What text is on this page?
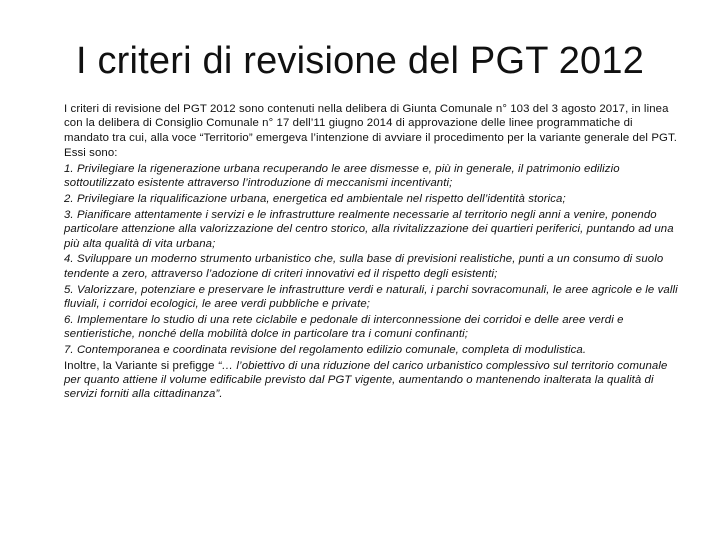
I criteri di revisione del PGT 2012

I criteri di revisione del PGT 2012 sono contenuti nella delibera di Giunta Comunale n° 103 del 3 agosto 2017, in linea con la delibera di Consiglio Comunale n° 17 dell’11 giugno 2014 di approvazione delle linee programmatiche di mandato tra cui, alla voce “Territorio” emergeva l’intenzione di avviare il procedimento per la variante generale del PGT.

Essi sono:

1. Privilegiare la rigenerazione urbana recuperando le aree dismesse e, più in generale, il patrimonio edilizio sottoutilizzato esistente attraverso l’introduzione di meccanismi incentivanti;

2. Privilegiare la riqualificazione urbana, energetica ed ambientale nel rispetto dell’identità storica;

3. Pianificare attentamente i servizi e le infrastrutture realmente necessarie al territorio negli anni a venire, ponendo particolare attenzione alla valorizzazione del centro storico, alla rivitalizzazione dei quartieri periferici, puntando ad una più alta qualità di vita urbana;

4. Sviluppare un moderno strumento urbanistico che, sulla base di previsioni realistiche, punti a un consumo di suolo tendente a zero, attraverso l’adozione di criteri innovativi ed il rispetto degli esistenti;

5. Valorizzare, potenziare e preservare le infrastrutture verdi e naturali, i parchi sovracomunali, le aree agricole e le valli fluviali, i corridoi ecologici, le aree verdi pubbliche e private;

6. Implementare lo studio di una rete ciclabile e pedonale di interconnessione dei corridoi e delle aree verdi e sentieristiche, nonché della mobilità dolce in particolare tra i comuni confinanti;

7. Contemporanea e coordinata revisione del regolamento edilizio comunale, completa di modulistica.

Inoltre, la Variante si prefigge “… l’obiettivo di una riduzione del carico urbanistico complessivo sul territorio comunale per quanto attiene il volume edificabile previsto dal PGT vigente, aumentando o mantenendo inalterata la qualità di servizi forniti alla cittadinanza”.
